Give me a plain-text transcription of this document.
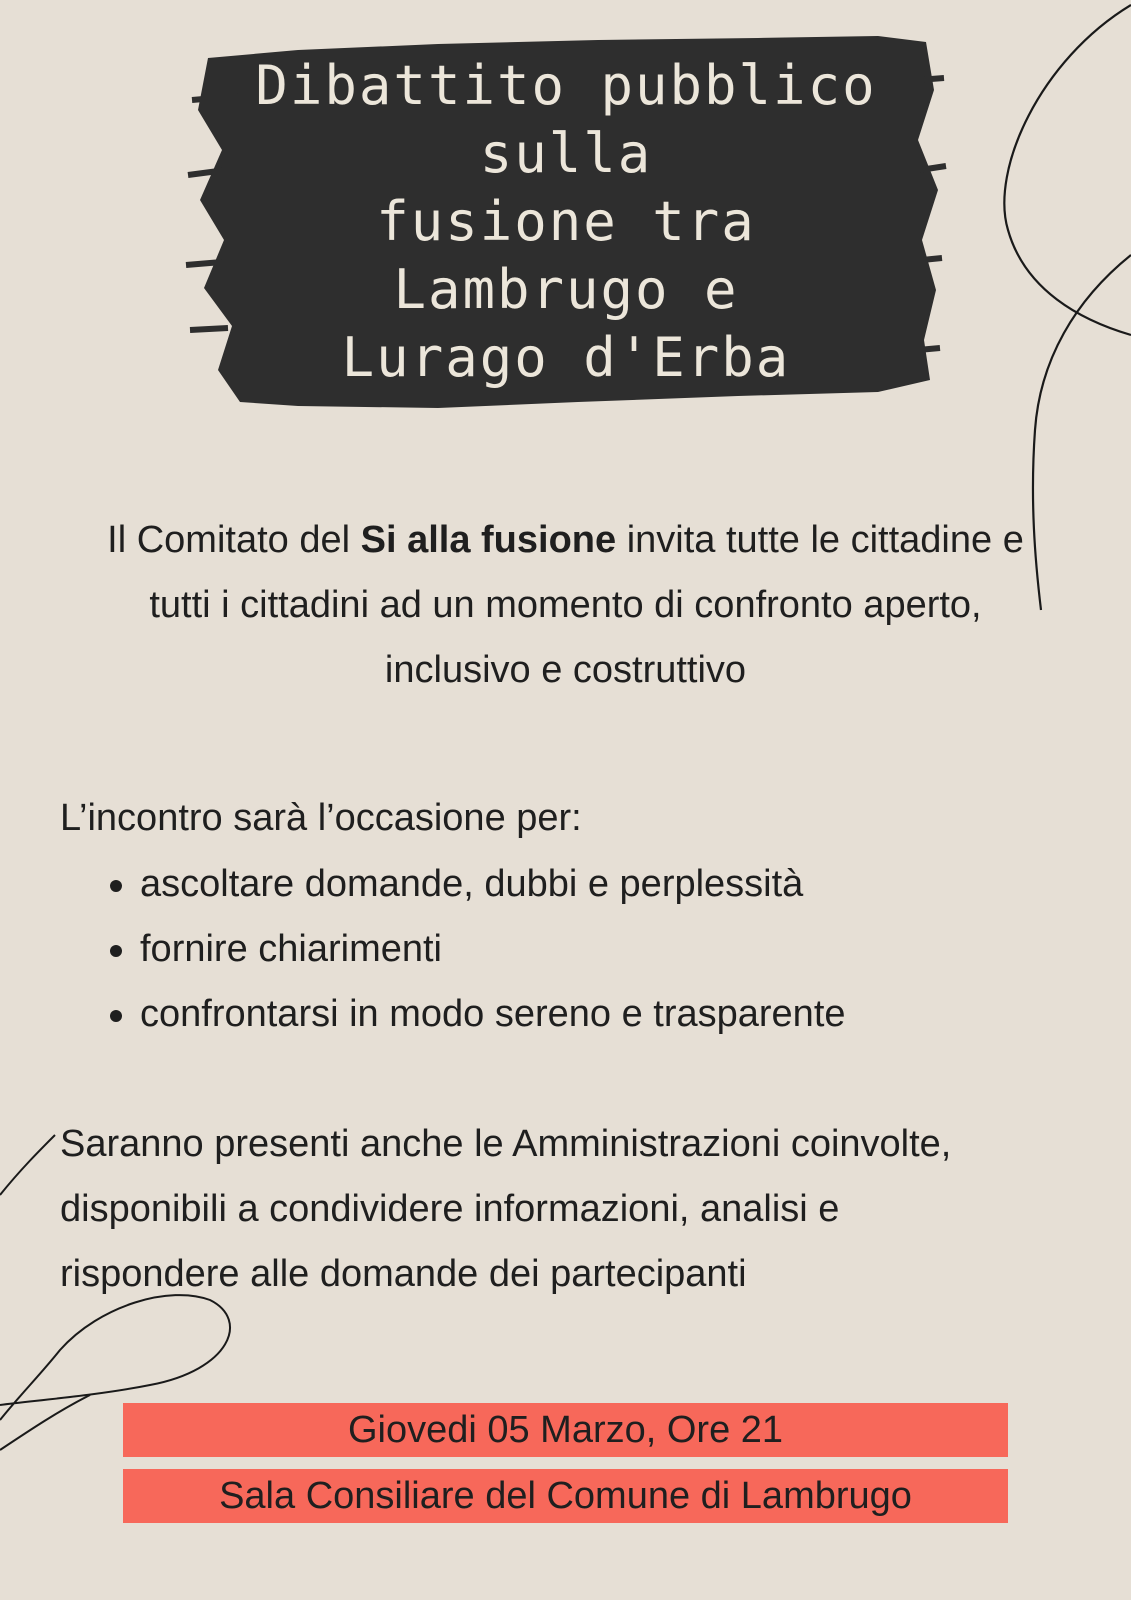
Dibattito pubblico
sulla
fusione tra
Lambrugo e
Lurago d'Erba
Il Comitato del Si alla fusione invita tutte le cittadine e tutti i cittadini ad un momento di confronto aperto, inclusivo e costruttivo
L’incontro sarà l’occasione per:
ascoltare domande, dubbi e perplessità
fornire chiarimenti
confrontarsi in modo sereno e trasparente
Saranno presenti anche le Amministrazioni coinvolte,
disponibili a condividere informazioni, analisi e
rispondere alle domande dei partecipanti
Giovedi 05 Marzo, Ore 21
Sala Consiliare del Comune di Lambrugo
